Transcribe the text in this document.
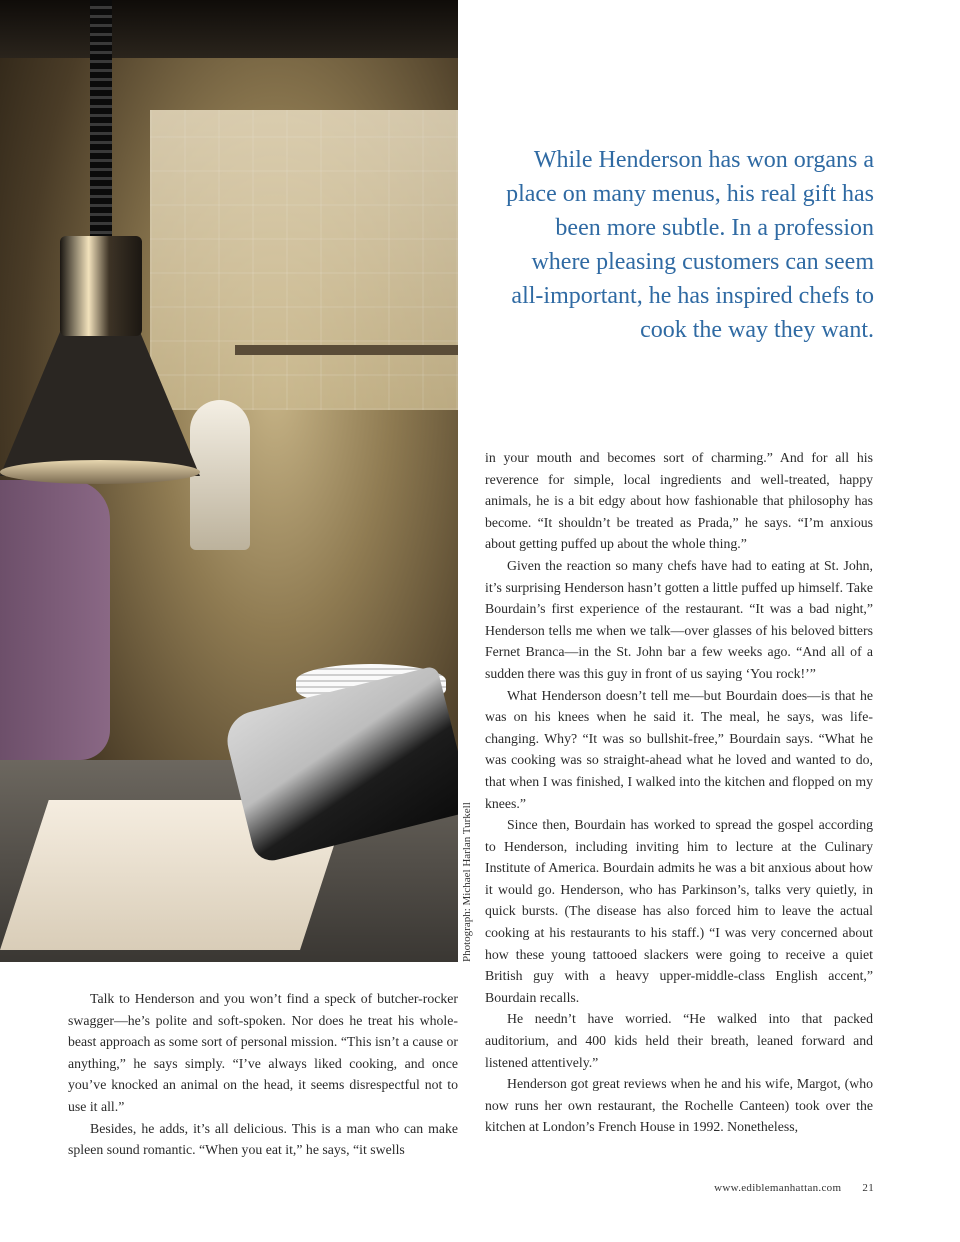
Photograph: Michael Harlan Turkell
While Henderson has won organs a place on many menus, his real gift has been more subtle. In a profession where pleasing customers can seem all-important, he has inspired chefs to cook the way they want.

Talk to Henderson and you won’t find a speck of butcher-rocker swagger—he’s polite and soft-spoken. Nor does he treat his whole-beast approach as some sort of personal mission. “This isn’t a cause or anything,” he says simply. “I’ve always liked cooking, and once you’ve knocked an animal on the head, it seems disrespectful not to use it all.”

Besides, he adds, it’s all delicious. This is a man who can make spleen sound romantic. “When you eat it,” he says, “it swells

in your mouth and becomes sort of charming.” And for all his reverence for simple, local ingredients and well-treated, happy animals, he is a bit edgy about how fashionable that philosophy has become. “It shouldn’t be treated as Prada,” he says. “I’m anxious about getting puffed up about the whole thing.”

Given the reaction so many chefs have had to eating at St. John, it’s surprising Henderson hasn’t gotten a little puffed up himself. Take Bourdain’s first experience of the restaurant. “It was a bad night,” Henderson tells me when we talk—over glasses of his beloved bitters Fernet Branca—in the St. John bar a few weeks ago. “And all of a sudden there was this guy in front of us saying ‘You rock!’”

What Henderson doesn’t tell me—but Bourdain does—is that he was on his knees when he said it. The meal, he says, was life-changing. Why? “It was so bullshit-free,” Bourdain says. “What he was cooking was so straight-ahead what he loved and wanted to do, that when I was finished, I walked into the kitchen and flopped on my knees.”

Since then, Bourdain has worked to spread the gospel according to Henderson, including inviting him to lecture at the Culinary Institute of America. Bourdain admits he was a bit anxious about how it would go. Henderson, who has Parkinson’s, talks very quietly, in quick bursts. (The disease has also forced him to leave the actual cooking at his restaurants to his staff.) “I was very concerned about how these young tattooed slackers were going to receive a quiet British guy with a heavy upper-middle-class English accent,” Bourdain recalls.

He needn’t have worried. “He walked into that packed auditorium, and 400 kids held their breath, leaned forward and listened attentively.”

Henderson got great reviews when he and his wife, Margot, (who now runs her own restaurant, the Rochelle Canteen) took over the kitchen at London’s French House in 1992. Nonetheless,

www.ediblemanhattan.com 21
